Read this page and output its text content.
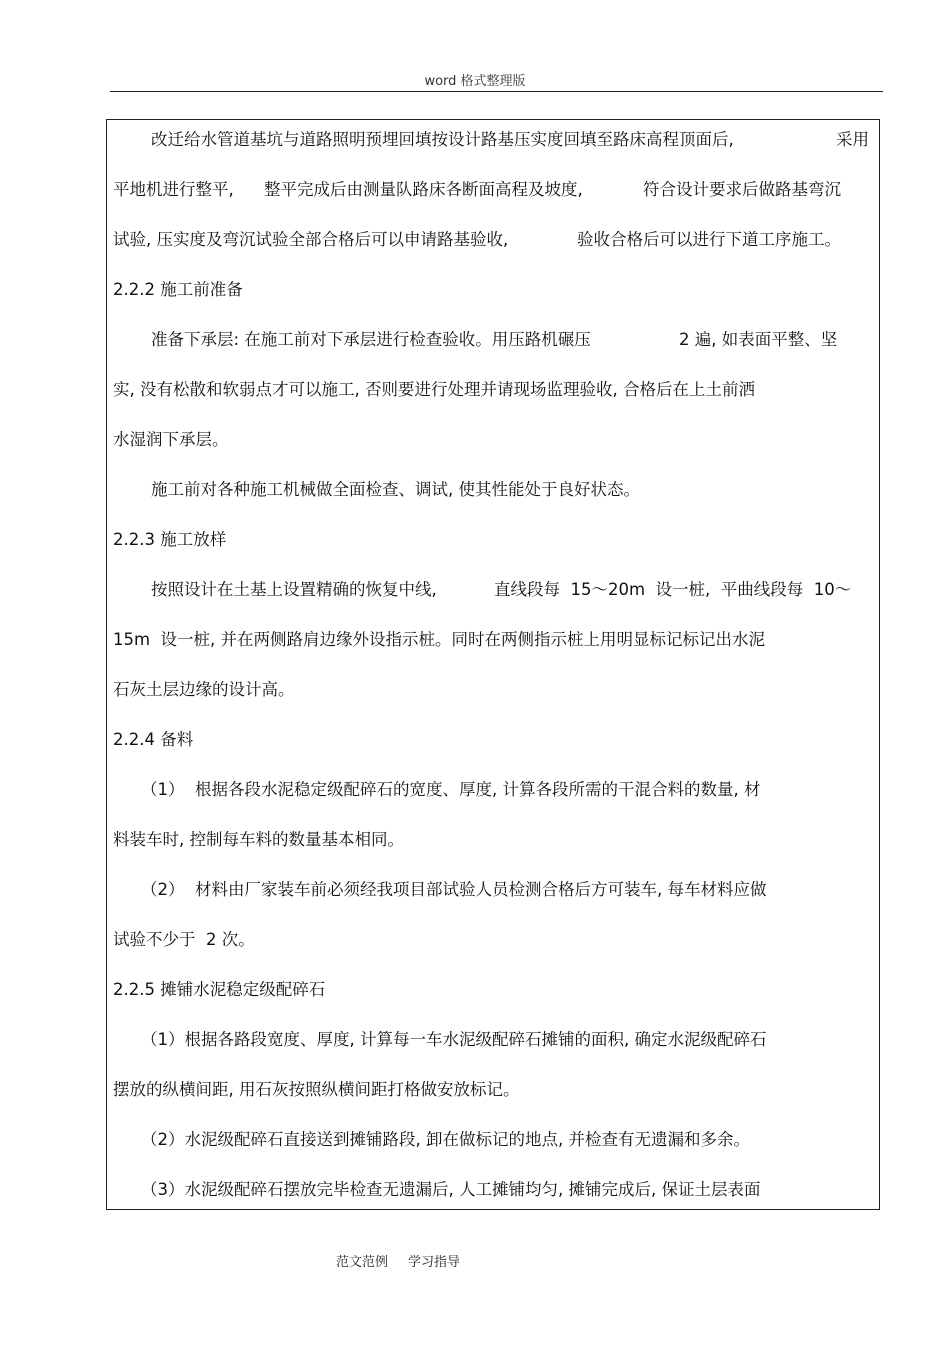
word 格式整理版
改迁给水管道基坑与道路照明预埋回填按设计路基压实度回填至路床高程顶面后,	采用
平地机进行整平, 整平完成后由测量队路床各断面高程及坡度,	符合设计要求后做路基弯沉
试验, 压实度及弯沉试验全部合格后可以申请路基验收,	验收合格后可以进行下道工序施工。
2.2.2 施工前准备
准备下承层: 在施工前对下承层进行检查验收。用压路机碾压	2 遍, 如表面平整、坚
实, 没有松散和软弱点才可以施工, 否则要进行处理并请现场监理验收, 合格后在上土前洒
水湿润下承层。
施工前对各种施工机械做全面检查、调试, 使其性能处于良好状态。
2.2.3 施工放样
按照设计在土基上设置精确的恢复中线,	直线段每  15～20m  设一桩,  平曲线段每  10～
15m  设一桩, 并在两侧路肩边缘外设指示桩。同时在两侧指示桩上用明显标记标记出水泥
石灰土层边缘的设计高。
2.2.4 备料
（1）  根据各段水泥稳定级配碎石的宽度、厚度, 计算各段所需的干混合料的数量, 材
料装车时, 控制每车料的数量基本相同。
（2）  材料由厂家装车前必须经我项目部试验人员检测合格后方可装车, 每车材料应做
试验不少于  2 次。
2.2.5 摊铺水泥稳定级配碎石
（1）根据各路段宽度、厚度, 计算每一车水泥级配碎石摊铺的面积, 确定水泥级配碎石
摆放的纵横间距, 用石灰按照纵横间距打格做安放标记。
（2）水泥级配碎石直接送到摊铺路段, 卸在做标记的地点, 并检查有无遗漏和多余。
（3）水泥级配碎石摆放完毕检查无遗漏后, 人工摊铺均匀, 摊铺完成后, 保证土层表面
范文范例 学习指导
